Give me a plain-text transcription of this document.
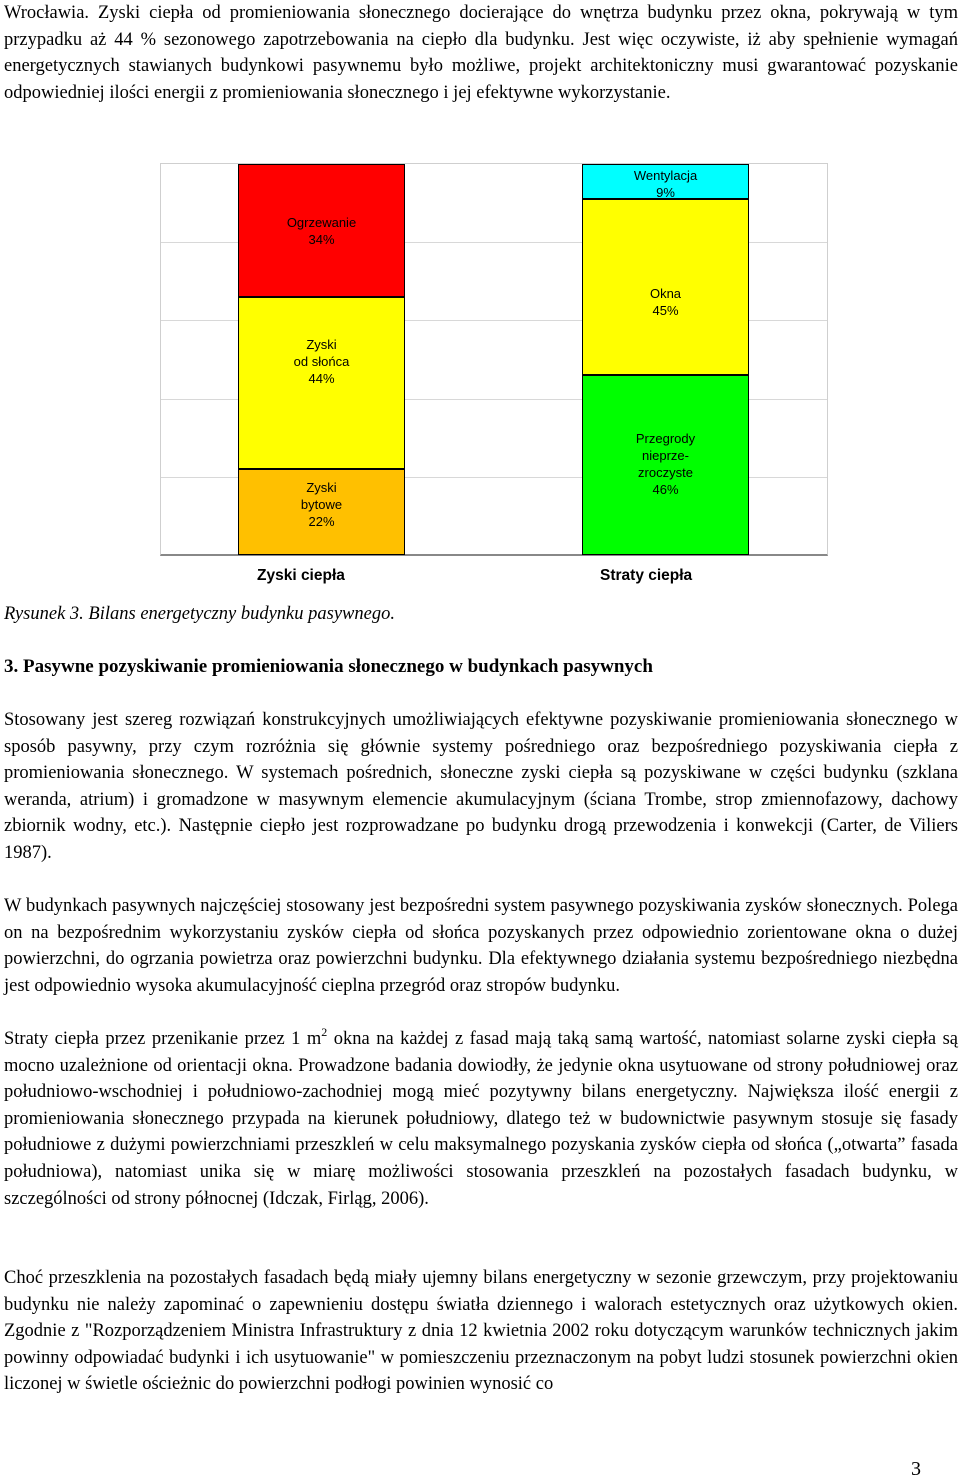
Wrocławia. Zyski ciepła od promieniowania słonecznego docierające do wnętrza budynku przez okna, pokrywają w tym przypadku aż 44 % sezonowego zapotrzebowania na ciepło dla budynku. Jest więc oczywiste, iż aby spełnienie wymagań energetycznych stawianych budynkowi pasywnemu było możliwe, projekt architektoniczny musi gwarantować pozyskanie odpowiedniej ilości energii z promieniowania słonecznego i jej efektywne wykorzystanie.

Zyski
bytowe
22%
Zyski
od słońca
44%
Ogrzewanie
34%
Przegrody
nieprze-
zroczyste
46%
Okna
45%
Wentylacja
9%

Rysunek 3. Bilans energetyczny budynku pasywnego.

3. Pasywne pozyskiwanie promieniowania słonecznego w budynkach pasywnych

Stosowany jest szereg rozwiązań konstrukcyjnych umożliwiających efektywne pozyskiwanie promieniowania słonecznego w sposób pasywny, przy czym rozróżnia się głównie systemy pośredniego oraz bezpośredniego pozyskiwania ciepła z promieniowania słonecznego. W systemach pośrednich, słoneczne zyski ciepła są pozyskiwane w części budynku (szklana weranda, atrium) i gromadzone w masywnym elemencie akumulacyjnym (ściana Trombe, strop zmiennofazowy, dachowy zbiornik wodny, etc.). Następnie ciepło jest rozprowadzane po budynku drogą przewodzenia i konwekcji (Carter, de Viliers 1987).

W budynkach pasywnych najczęściej stosowany jest bezpośredni system pasywnego pozyskiwania zysków słonecznych. Polega on na bezpośrednim wykorzystaniu zysków ciepła od słońca pozyskanych przez odpowiednio zorientowane okna o dużej powierzchni, do ogrzania powietrza oraz powierzchni budynku. Dla efektywnego działania systemu bezpośredniego niezbędna jest odpowiednio wysoka akumulacyjność cieplna przegród oraz stropów budynku.

Straty ciepła przez przenikanie przez 1 $m^2$ okna na każdej z fasad mają taką samą wartość, natomiast solarne zyski ciepła są mocno uzależnione od orientacji okna. Prowadzone badania dowiodły, że jedynie okna usytuowane od strony południowej oraz południowo-wschodniej i południowo-zachodniej mogą mieć pozytywny bilans energetyczny. Największa ilość energii z promieniowania słonecznego przypada na kierunek południowy, dlatego też w budownictwie pasywnym stosuje się fasady południowe z dużymi powierzchniami przeszkleń w celu maksymalnego pozyskania zysków ciepła od słońca („otwarta” fasada południowa), natomiast unika się w miarę możliwości stosowania przeszkleń na pozostałych fasadach budynku, w szczególności od strony północnej (Idczak, Firląg, 2006).

Choć przeszklenia na pozostałych fasadach będą miały ujemny bilans energetyczny w sezonie grzewczym, przy projektowaniu budynku nie należy zapominać o zapewnieniu dostępu światła dziennego i walorach estetycznych oraz użytkowych okien. Zgodnie z "Rozporządzeniem Ministra Infrastruktury z dnia 12 kwietnia 2002 roku dotyczącym warunków technicznych jakim powinny odpowiadać budynki i ich usytuowanie" w pomieszczeniu przeznaczonym na pobyt ludzi stosunek powierzchni okien liczonej w świetle ościeżnic do powierzchni podłogi powinien wynosić co

3
Zyski ciepła	Straty ciepła
